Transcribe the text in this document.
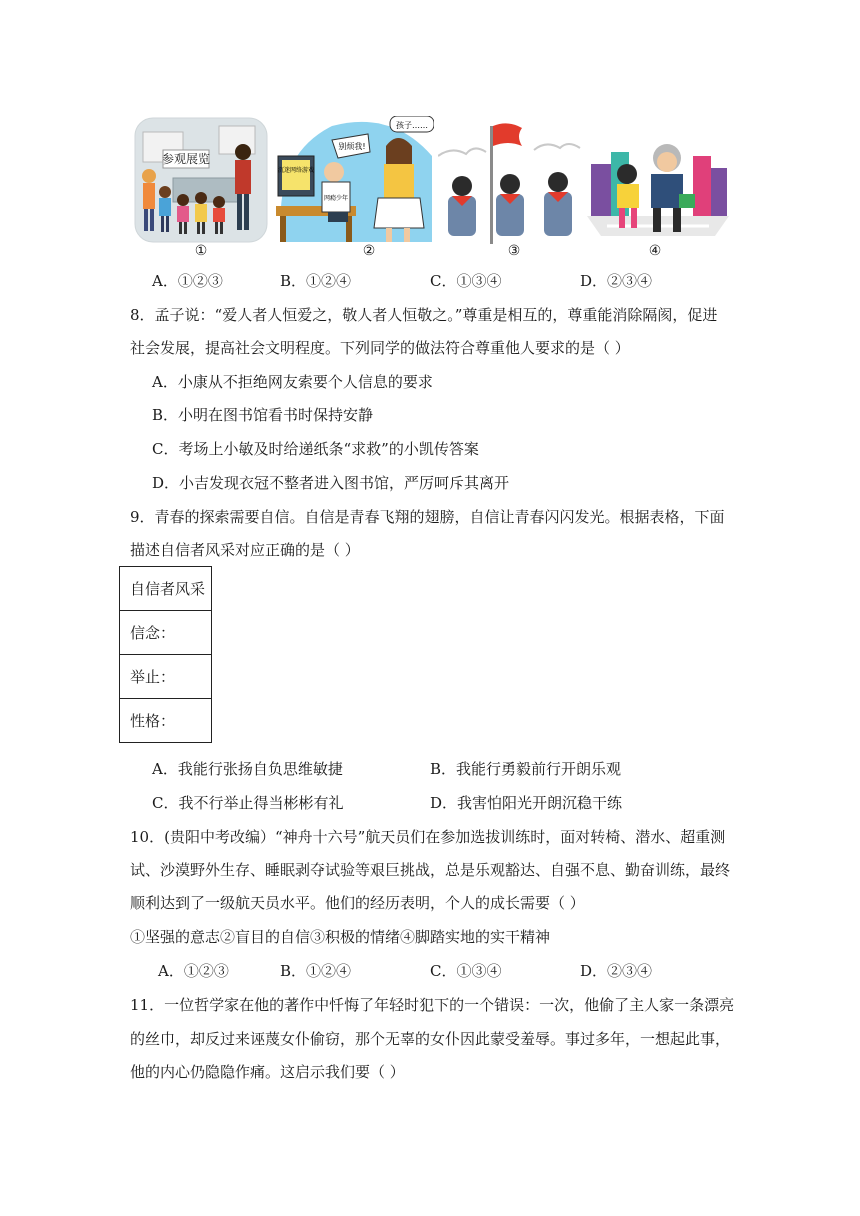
参观展览
孩子……
别烦我!
沉迷网络游戏
网瘾少年
①	②	③	④
A．①②③	B．①②④	C．①③④	D．②③④
8．孟子说：“爱人者人恒爱之，敬人者人恒敬之。”尊重是相互的，尊重能消除隔阂，促进
社会发展，提高社会文明程度。下列同学的做法符合尊重他人要求的是（ ）
A．小康从不拒绝网友索要个人信息的要求
B．小明在图书馆看书时保持安静
C．考场上小敏及时给递纸条“求救”的小凯传答案
D．小吉发现衣冠不整者进入图书馆，严厉呵斥其离开
9．青春的探索需要自信。自信是青春飞翔的翅膀，自信让青春闪闪发光。根据表格，下面
描述自信者风采对应正确的是（ ）
自信者风采
信念：
举止：
性格：
A．我能行张扬自负思维敏捷	B．我能行勇毅前行开朗乐观
C．我不行举止得当彬彬有礼	D．我害怕阳光开朗沉稳干练
10．(贵阳中考改编）“神舟十六号”航天员们在参加选拔训练时，面对转椅、潜水、超重测
试、沙漠野外生存、睡眠剥夺试验等艰巨挑战，总是乐观豁达、自强不息、勤奋训练，最终
顺利达到了一级航天员水平。他们的经历表明，个人的成长需要（ ）
①坚强的意志②盲目的自信③积极的情绪④脚踏实地的实干精神
A．①②③	B．①②④	C．①③④	D．②③④
11．一位哲学家在他的著作中忏悔了年轻时犯下的一个错误：一次，他偷了主人家一条漂亮
的丝巾，却反过来诬蔑女仆偷窃，那个无辜的女仆因此蒙受羞辱。事过多年，一想起此事，
他的内心仍隐隐作痛。这启示我们要（ ）
